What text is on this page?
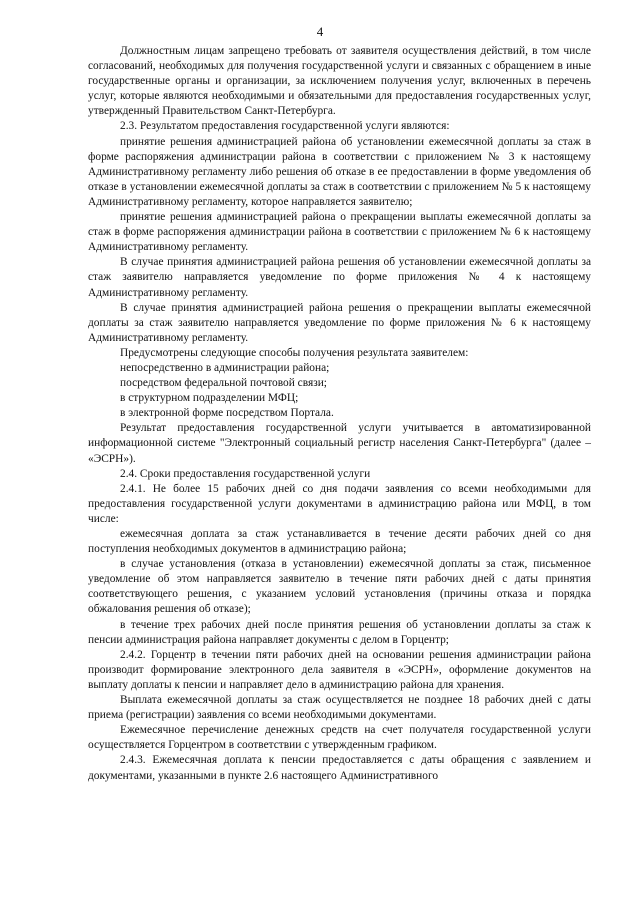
4

Должностным лицам запрещено требовать от заявителя осуществления действий, в том числе согласований, необходимых для получения государственной услуги и связанных с обращением в иные государственные органы и организации, за исключением получения услуг, включенных в перечень услуг, которые являются необходимыми и обязательными для предоставления государственных услуг, утвержденный Правительством Санкт-Петербурга.

2.3. Результатом предоставления государственной услуги являются:

принятие решения администрацией района об установлении ежемесячной доплаты за стаж в форме распоряжения администрации района в соответствии с приложением № 3 к настоящему Административному регламенту либо решения об отказе в ее предоставлении в форме уведомления об отказе в установлении ежемесячной доплаты за стаж в соответствии с приложением № 5 к настоящему Административному регламенту, которое направляется заявителю;

принятие решения администрацией района о прекращении выплаты ежемесячной доплаты за стаж в форме распоряжения администрации района в соответствии с приложением № 6 к настоящему Административному регламенту.

В случае принятия администрацией района решения об установлении ежемесячной доплаты за стаж заявителю направляется уведомление по форме приложения № 4 к настоящему Административному регламенту.

В случае принятия администрацией района решения о прекращении выплаты ежемесячной доплаты за стаж заявителю направляется уведомление по форме приложения № 6 к настоящему Административному регламенту.

Предусмотрены следующие способы получения результата заявителем:

непосредственно в администрации района;

посредством федеральной почтовой связи;

в структурном подразделении МФЦ;

в электронной форме посредством Портала.

Результат предоставления государственной услуги учитывается в автоматизированной информационной системе "Электронный социальный регистр населения Санкт-Петербурга" (далее – «ЭСРН»).

2.4. Сроки предоставления государственной услуги

2.4.1. Не более 15 рабочих дней со дня подачи заявления со всеми необходимыми для предоставления государственной услуги документами в администрацию района или МФЦ, в том числе:

ежемесячная доплата за стаж устанавливается в течение десяти рабочих дней со дня поступления необходимых документов в администрацию района;

в случае установления (отказа в установлении) ежемесячной доплаты за стаж, письменное уведомление об этом направляется заявителю в течение пяти рабочих дней с даты принятия соответствующего решения, с указанием условий установления (причины отказа и порядка обжалования решения об отказе);

в течение трех рабочих дней после принятия решения об установлении доплаты за стаж к пенсии администрация района направляет документы с делом в Горцентр;

2.4.2. Горцентр в течении пяти рабочих дней на основании решения администрации района производит формирование электронного дела заявителя в «ЭСРН», оформление документов на выплату доплаты к пенсии и направляет дело в администрацию района для хранения.

Выплата ежемесячной доплаты за стаж осуществляется не позднее 18 рабочих дней с даты приема (регистрации) заявления со всеми необходимыми документами.

Ежемесячное перечисление денежных средств на счет получателя государственной услуги осуществляется Горцентром в соответствии с утвержденным графиком.

2.4.3. Ежемесячная доплата к пенсии предоставляется с даты обращения с заявлением и документами, указанными в пункте 2.6 настоящего Административного
